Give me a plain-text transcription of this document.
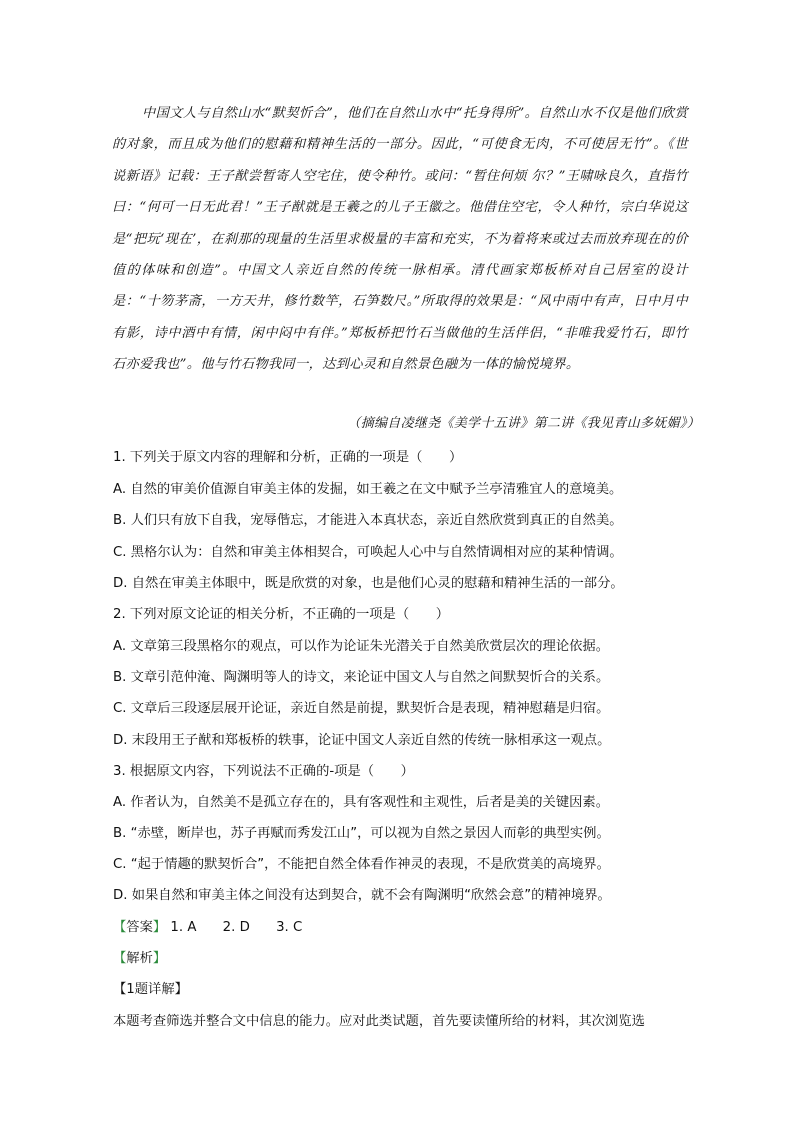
中国文人与自然山水“默契忻合”，他们在自然山水中“托身得所”。自然山水不仅是他们欣赏的对象，而且成为他们的慰藉和精神生活的一部分。因此，“可使食无肉，不可使居无竹”。《世说新语》记载：王子猷尝暂寄人空宅住，使令种竹。或问：“暂住何烦 尔？”王啸咏良久，直指竹曰：“何可一日无此君！”王子猷就是王羲之的儿子王徽之。他借住空宅，令人种竹，宗白华说这是“把玩‘现在’，在刹那的现量的生活里求极量的丰富和充实，不为着将来或过去而放弃现在的价值的体味和创造”。中国文人亲近自然的传统一脉相承。清代画家郑板桥对自己居室的设计是：“十笏茅斋，一方天井，修竹数竿，石笋数尺。”所取得的效果是：“风中雨中有声，日中月中有影，诗中酒中有情，闲中闷中有伴。”郑板桥把竹石当做他的生活伴侣，“非唯我爱竹石，即竹石亦爱我也”。他与竹石物我同一，达到心灵和自然景色融为一体的愉悦境界。
（摘编自凌继尧《美学十五讲》第二讲《我见青山多妩媚》）
1. 下列关于原文内容的理解和分析，正确的一项是（　　）
A. 自然的审美价值源自审美主体的发掘，如王羲之在文中赋予兰亭清雅宜人的意境美。
B. 人们只有放下自我，宠辱偕忘，才能进入本真状态，亲近自然欣赏到真正的自然美。
C. 黑格尔认为：自然和审美主体相契合，可唤起人心中与自然情调相对应的某种情调。
D. 自然在审美主体眼中，既是欣赏的对象，也是他们心灵的慰藉和精神生活的一部分。
2. 下列对原文论证的相关分析，不正确的一项是（　　）
A. 文章第三段黑格尔的观点，可以作为论证朱光潜关于自然美欣赏层次的理论依据。
B. 文章引范仲淹、陶渊明等人的诗文，来论证中国文人与自然之间默契忻合的关系。
C. 文章后三段逐层展开论证，亲近自然是前提，默契忻合是表现，精神慰藉是归宿。
D. 末段用王子猷和郑板桥的轶事，论证中国文人亲近自然的传统一脉相承这一观点。
3. 根据原文内容，下列说法不正确的-项是（　　）
A. 作者认为，自然美不是孤立存在的，具有客观性和主观性，后者是美的关键因素。
B. “赤壁，断岸也，苏子再赋而秀发江山”，可以视为自然之景因人而彰的典型实例。
C. “起于情趣的默契忻合”，不能把自然全体看作神灵的表现，不是欣赏美的高境界。
D. 如果自然和审美主体之间没有达到契合，就不会有陶渊明“欣然会意”的精神境界。
【答案】 1. A 2. D 3. C
【解析】
【1题详解】
本题考查筛选并整合文中信息的能力。应对此类试题，首先要读懂所给的材料，其次浏览选
